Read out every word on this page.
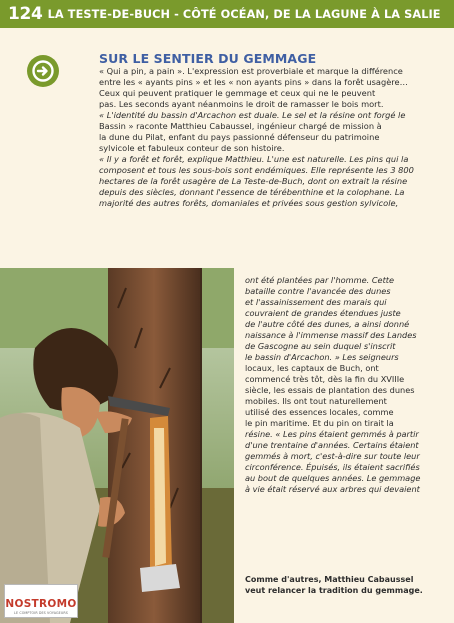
124 LA TESTE-DE-BUCH - CÔTÉ OCÉAN, DE LA LAGUNE À LA SALIE
SUR LE SENTIER DU GEMMAGE
« Qui a pin, a pain ». L'expression est proverbiale et marque la différence
entre les « ayants pins » et les « non ayants pins » dans la forêt usagère…
Ceux qui peuvent pratiquer le gemmage et ceux qui ne le peuvent
pas. Les seconds ayant néanmoins le droit de ramasser le bois mort.
« L'identité du bassin d'Arcachon est duale. Le sel et la résine ont forgé le
Bassin » raconte Matthieu Cabaussel, ingénieur chargé de mission à
la dune du Pilat, enfant du pays passionné défenseur du patrimoine
sylvicole et fabuleux conteur de son histoire.
« Il y a forêt et forêt, explique Matthieu. L'une est naturelle. Les pins qui la
composent et tous les sous-bois sont endémiques. Elle représente les 3 800
hectares de la forêt usagère de La Teste-de-Buch, dont on extrait la résine
depuis des siècles, donnant l'essence de térébenthine et la colophane. La
majorité des autres forêts, domaniales et privées sous gestion sylvicole,
ont été plantées par l'homme. Cette
bataille contre l'avancée des dunes
et l'assainissement des marais qui
couvraient de grandes étendues juste
de l'autre côté des dunes, a ainsi donné
naissance à l'immense massif des Landes
de Gascogne au sein duquel s'inscrit
le bassin d'Arcachon. » Les seigneurs
locaux, les captaux de Buch, ont
commencé très tôt, dès la fin du XVIIIe
siècle, les essais de plantation des dunes
mobiles. Ils ont tout naturellement
utilisé des essences locales, comme
le pin maritime. Et du pin on tirait la
résine. « Les pins étaient gemmés à partir
d'une trentaine d'années. Certains étaient
gemmés à mort, c'est-à-dire sur toute leur
circonférence. Épuisés, ils étaient sacrifiés
au bout de quelques années. Le gemmage
à vie était réservé aux arbres qui devaient
Comme d'autres, Matthieu Cabaussel
veut relancer la tradition du gemmage.
NOSTROMO
LE COMPTOIR DES VOYAGEURS
